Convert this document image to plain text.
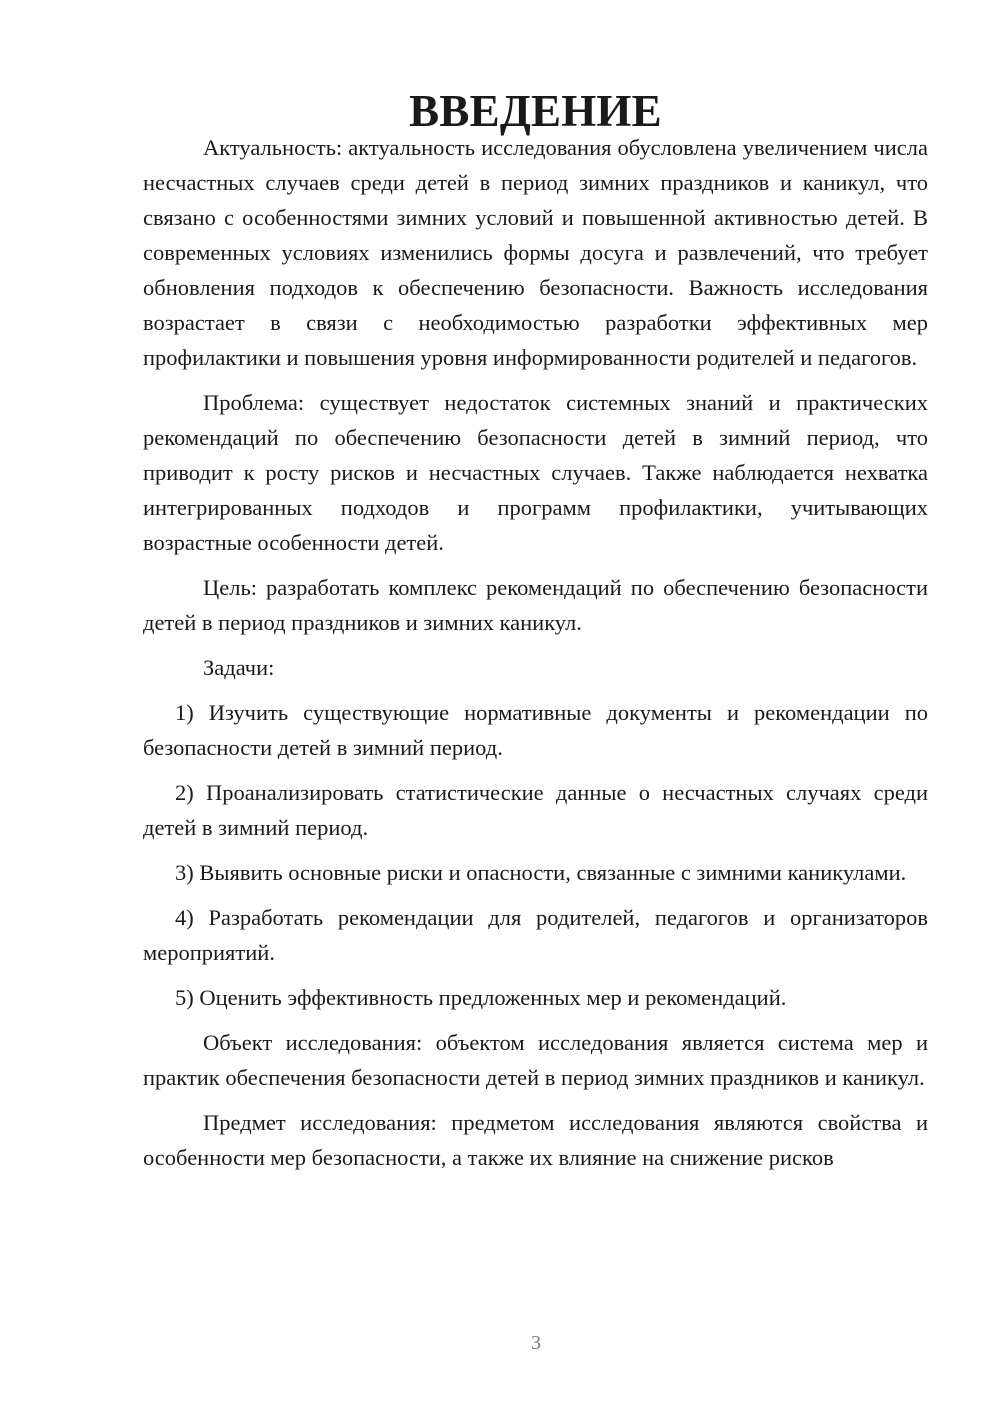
ВВЕДЕНИЕ

Актуальность: актуальность исследования обусловлена увеличением числа несчастных случаев среди детей в период зимних праздников и каникул, что связано с особенностями зимних условий и повышенной активностью детей. В современных условиях изменились формы досуга и развлечений, что требует обновления подходов к обеспечению безопасности. Важность исследования возрастает в связи с необходимостью разработки эффективных мер профилактики и повышения уровня информированности родителей и педагогов.

Проблема: существует недостаток системных знаний и практических рекомендаций по обеспечению безопасности детей в зимний период, что приводит к росту рисков и несчастных случаев. Также наблюдается нехватка интегрированных подходов и программ профилактики, учитывающих возрастные особенности детей.

Цель: разработать комплекс рекомендаций по обеспечению безопасности детей в период праздников и зимних каникул.

Задачи:

1) Изучить существующие нормативные документы и рекомендации по безопасности детей в зимний период.

2) Проанализировать статистические данные о несчастных случаях среди детей в зимний период.

3) Выявить основные риски и опасности, связанные с зимними каникулами.

4) Разработать рекомендации для родителей, педагогов и организаторов мероприятий.

5) Оценить эффективность предложенных мер и рекомендаций.

Объект исследования: объектом исследования является система мер и практик обеспечения безопасности детей в период зимних праздников и каникул.

Предмет исследования: предметом исследования являются свойства и особенности мер безопасности, а также их влияние на снижение рисков

3
